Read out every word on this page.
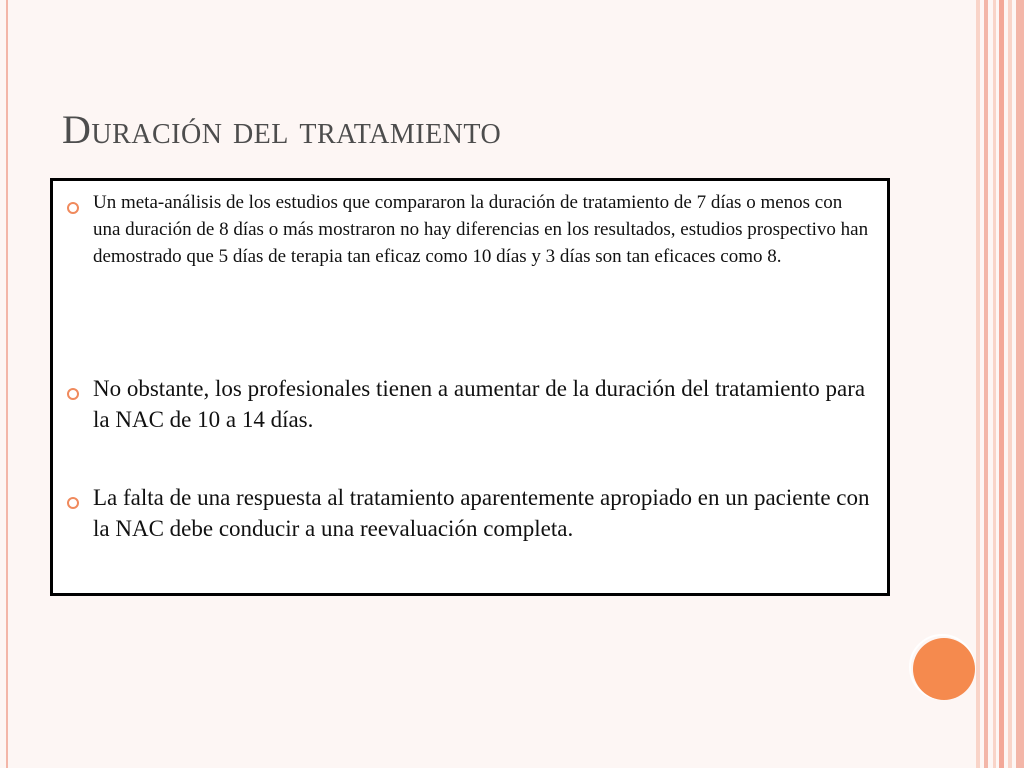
Duración del tratamiento
Un meta-análisis de los estudios que compararon la duración de tratamiento de 7 días o menos con una duración de 8 días o más mostraron no hay diferencias en los resultados, estudios prospectivo han demostrado que 5 días de terapia tan eficaz como 10 días y 3 días son tan eficaces como 8.
No obstante, los profesionales tienen a aumentar de la duración del tratamiento para la NAC de 10 a 14 días.
La falta de una respuesta al tratamiento aparentemente apropiado en un paciente con la NAC debe conducir a una reevaluación completa.
